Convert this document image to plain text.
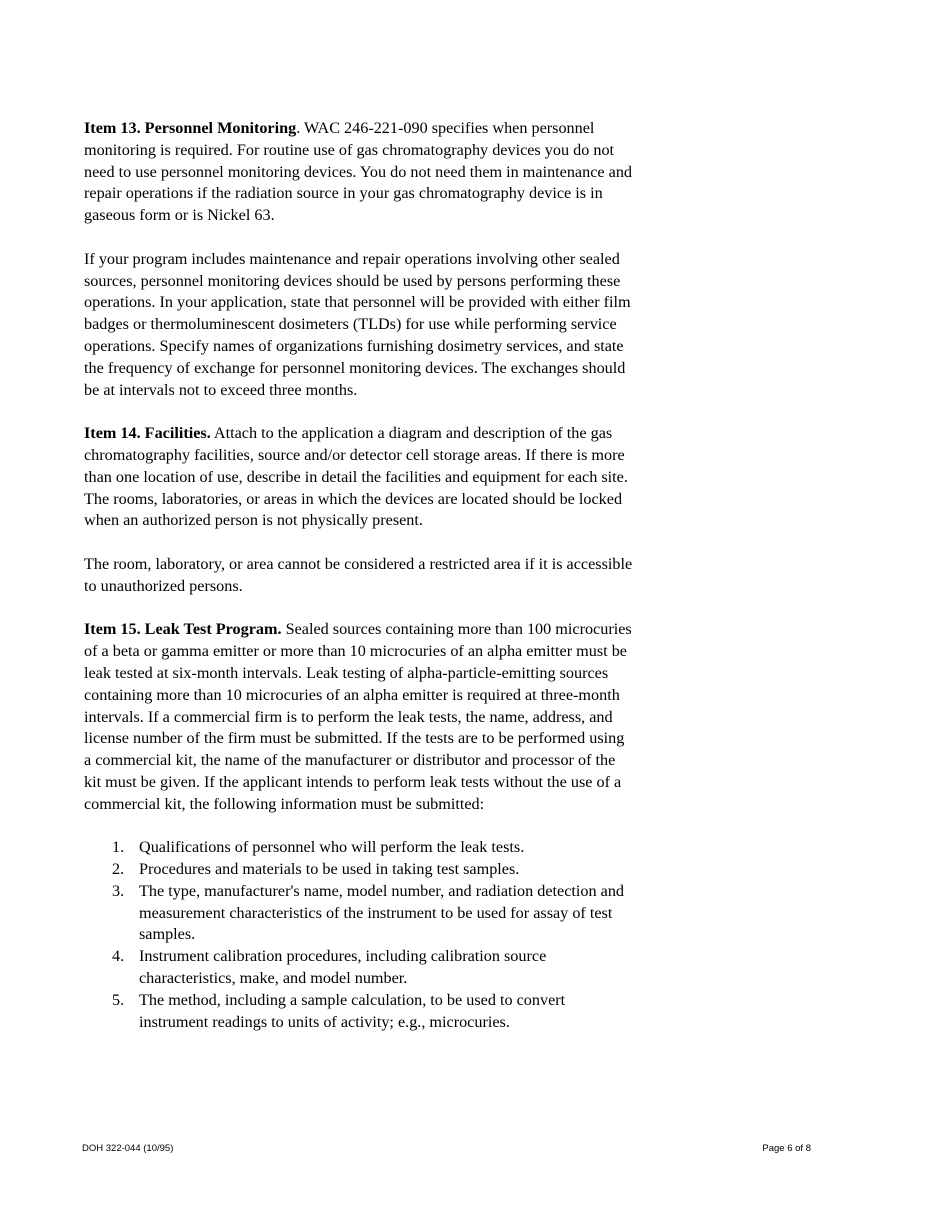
Item 13. Personnel Monitoring. WAC 246-221-090 specifies when personnel monitoring is required. For routine use of gas chromatography devices you do not need to use personnel monitoring devices. You do not need them in maintenance and repair operations if the radiation source in your gas chromatography device is in gaseous form or is Nickel 63.

If your program includes maintenance and repair operations involving other sealed sources, personnel monitoring devices should be used by persons performing these operations. In your application, state that personnel will be provided with either film badges or thermoluminescent dosimeters (TLDs) for use while performing service operations. Specify names of organizations furnishing dosimetry services, and state the frequency of exchange for personnel monitoring devices. The exchanges should be at intervals not to exceed three months.

Item 14. Facilities. Attach to the application a diagram and description of the gas chromatography facilities, source and/or detector cell storage areas. If there is more than one location of use, describe in detail the facilities and equipment for each site. The rooms, laboratories, or areas in which the devices are located should be locked when an authorized person is not physically present.

The room, laboratory, or area cannot be considered a restricted area if it is accessible to unauthorized persons.

Item 15. Leak Test Program. Sealed sources containing more than 100 microcuries of a beta or gamma emitter or more than 10 microcuries of an alpha emitter must be leak tested at six-month intervals. Leak testing of alpha-particle-emitting sources containing more than 10 microcuries of an alpha emitter is required at three-month intervals. If a commercial firm is to perform the leak tests, the name, address, and license number of the firm must be submitted. If the tests are to be performed using a commercial kit, the name of the manufacturer or distributor and processor of the kit must be given. If the applicant intends to perform leak tests without the use of a commercial kit, the following information must be submitted:

1. Qualifications of personnel who will perform the leak tests.
2. Procedures and materials to be used in taking test samples.
3. The type, manufacturer's name, model number, and radiation detection and measurement characteristics of the instrument to be used for assay of test samples.
4. Instrument calibration procedures, including calibration source characteristics, make, and model number.
5. The method, including a sample calculation, to be used to convert instrument readings to units of activity; e.g., microcuries.
DOH 322-044 (10/95)	Page 6 of 8
